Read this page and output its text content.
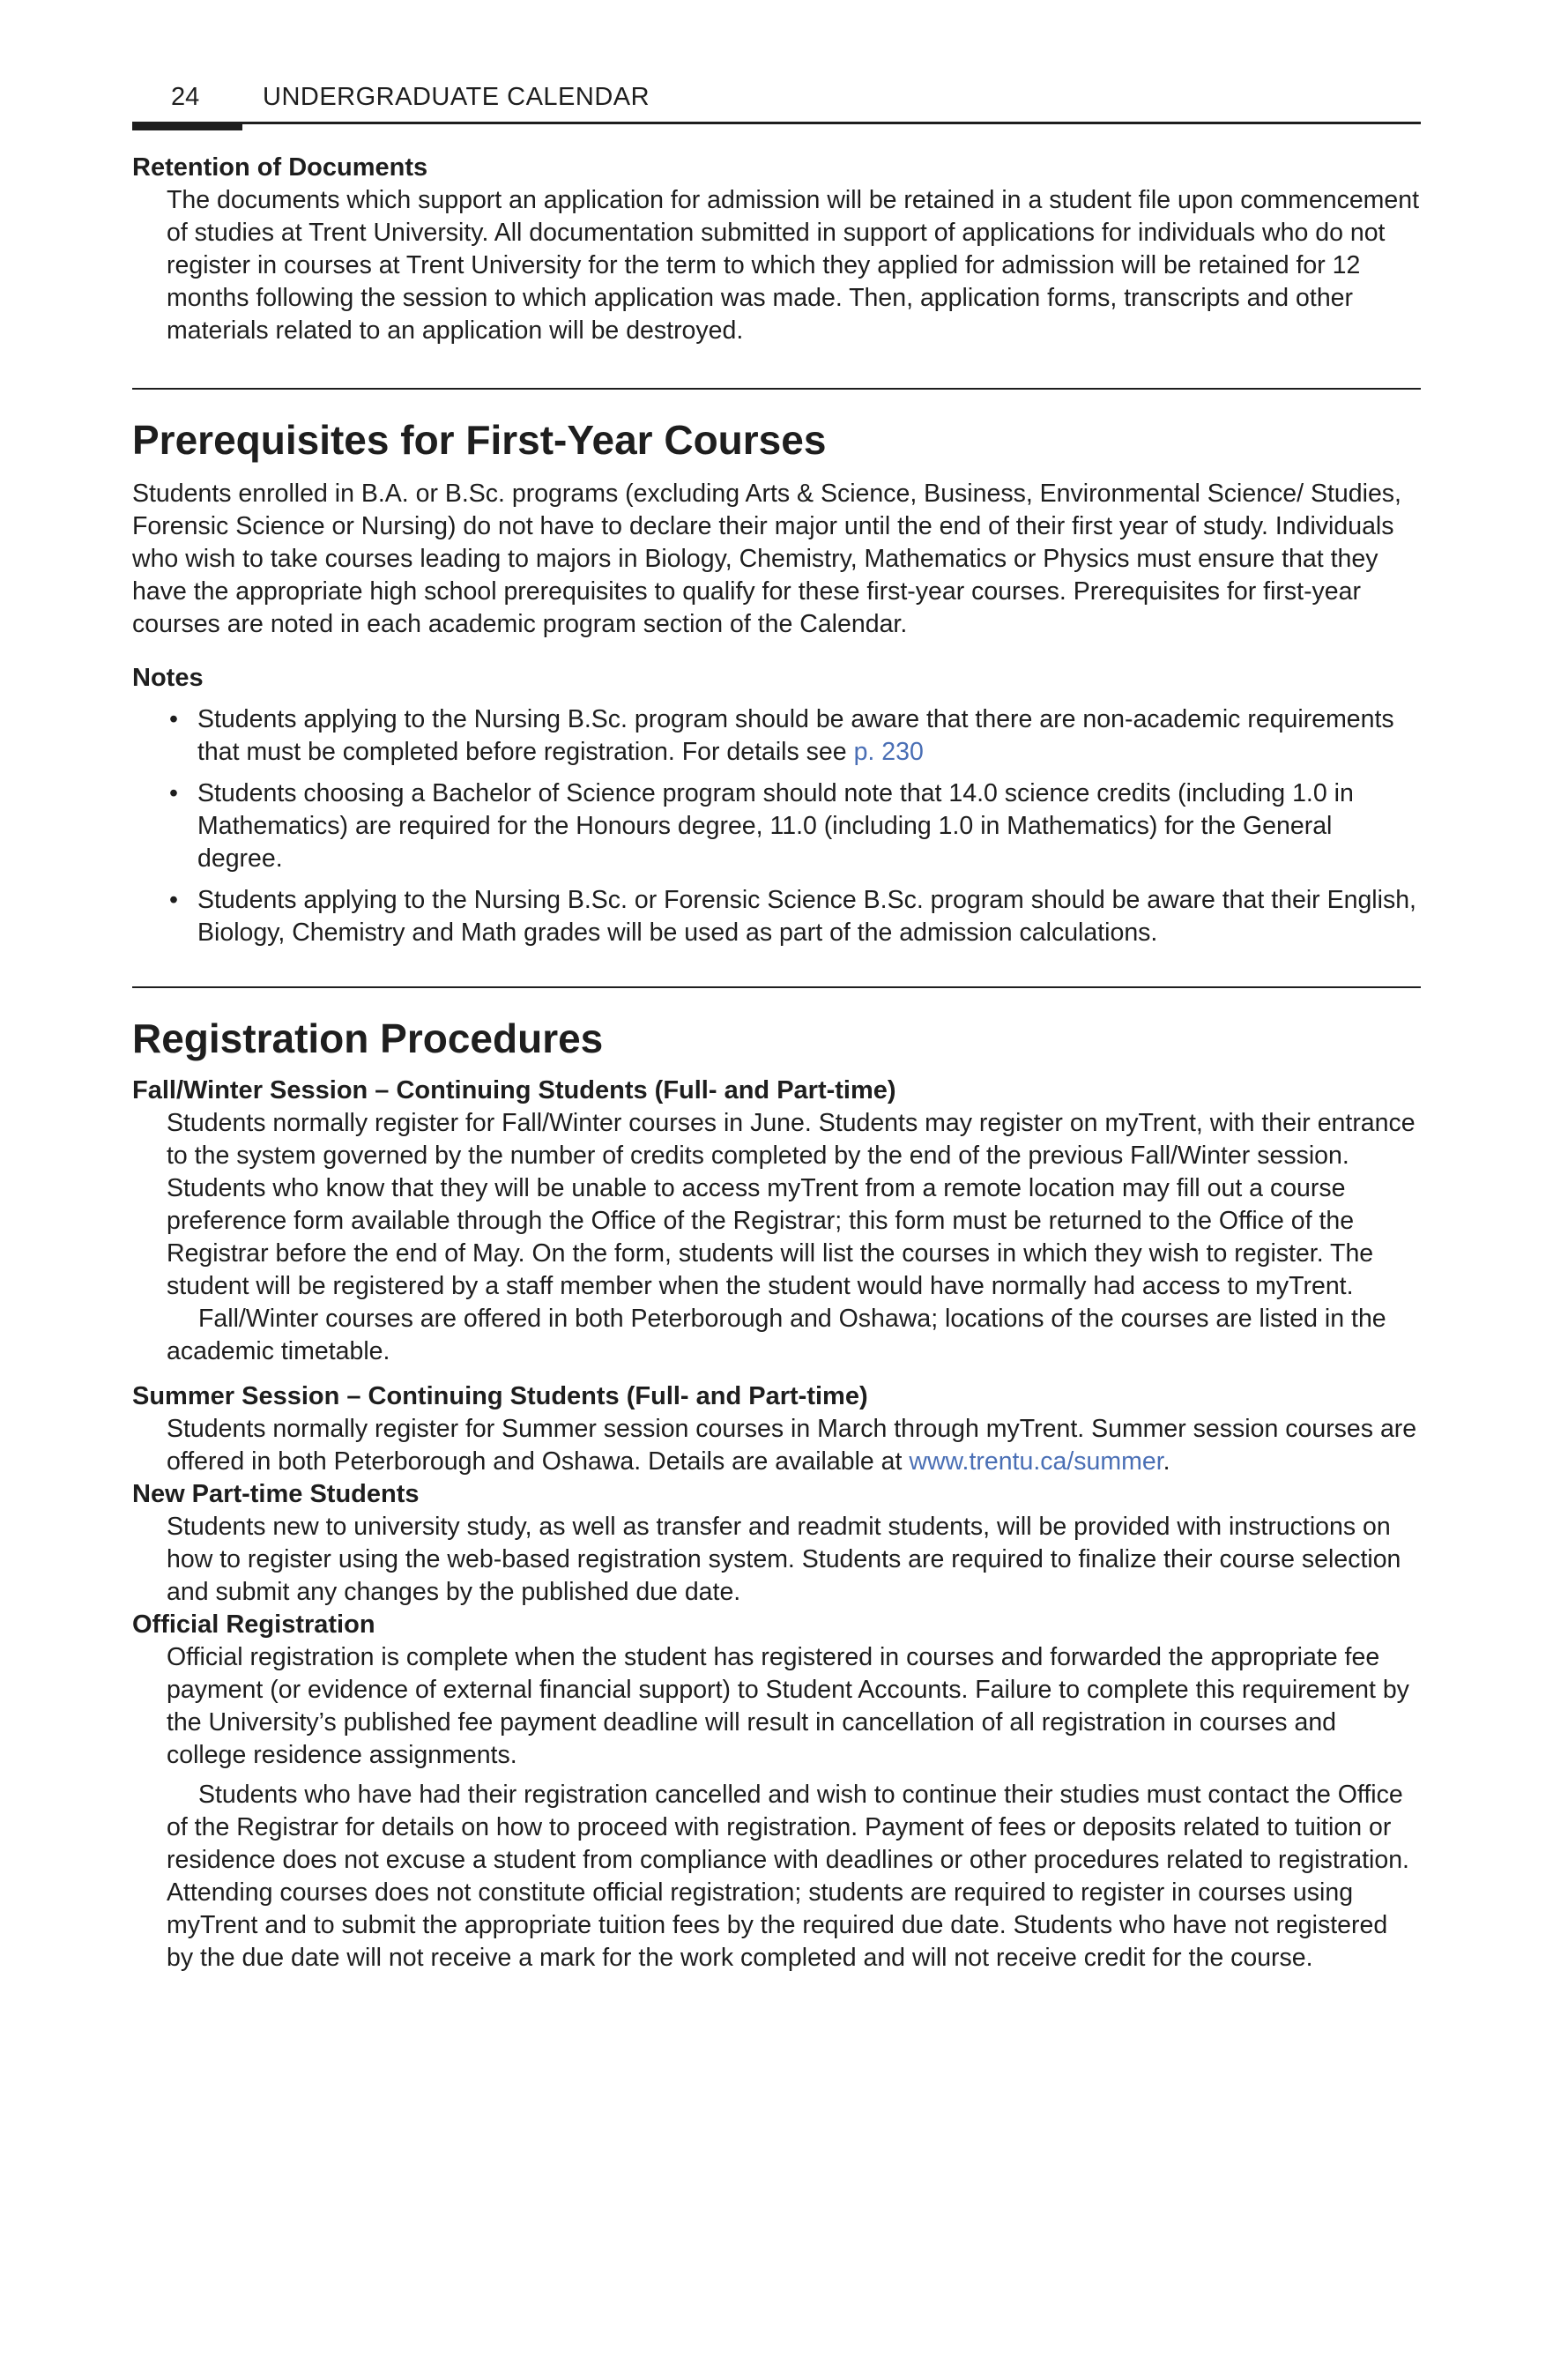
24 UNDERGRADUATE CALENDAR
Retention of Documents

The documents which support an application for admission will be retained in a student file upon commencement of studies at Trent University. All documentation submitted in support of applications for individuals who do not register in courses at Trent University for the term to which they applied for admission will be retained for 12 months following the session to which application was made. Then, application forms, transcripts and other materials related to an application will be destroyed.

Prerequisites for First-Year Courses

Students enrolled in B.A. or B.Sc. programs (excluding Arts & Science, Business, Environmental Science/ Studies, Forensic Science or Nursing) do not have to declare their major until the end of their first year of study. Individuals who wish to take courses leading to majors in Biology, Chemistry, Mathematics or Physics must ensure that they have the appropriate high school prerequisites to qualify for these first-year courses. Prerequisites for first-year courses are noted in each academic program section of the Calendar.

Notes
• Students applying to the Nursing B.Sc. program should be aware that there are non-academic requirements that must be completed before registration. For details see p. 230
• Students choosing a Bachelor of Science program should note that 14.0 science credits (including 1.0 in Mathematics) are required for the Honours degree, 11.0 (including 1.0 in Mathematics) for the General degree.
• Students applying to the Nursing B.Sc. or Forensic Science B.Sc. program should be aware that their English, Biology, Chemistry and Math grades will be used as part of the admission calculations.
Registration Procedures
Fall/Winter Session – Continuing Students (Full- and Part-time)

Students normally register for Fall/Winter courses in June. Students may register on myTrent, with their entrance to the system governed by the number of credits completed by the end of the previous Fall/Winter session. Students who know that they will be unable to access myTrent from a remote location may fill out a course preference form available through the Office of the Registrar; this form must be returned to the Office of the Registrar before the end of May. On the form, students will list the courses in which they wish to register. The student will be registered by a staff member when the student would have normally had access to myTrent.

Fall/Winter courses are offered in both Peterborough and Oshawa; locations of the courses are listed in the academic timetable.

Summer Session – Continuing Students (Full- and Part-time)

Students normally register for Summer session courses in March through myTrent. Summer session courses are offered in both Peterborough and Oshawa. Details are available at www.trentu.ca/summer.

New Part-time Students

Students new to university study, as well as transfer and readmit students, will be provided with instructions on how to register using the web-based registration system. Students are required to finalize their course selection and submit any changes by the published due date.

Official Registration

Official registration is complete when the student has registered in courses and forwarded the appropriate fee payment (or evidence of external financial support) to Student Accounts. Failure to complete this requirement by the University’s published fee payment deadline will result in cancellation of all registration in courses and college residence assignments.

Students who have had their registration cancelled and wish to continue their studies must contact the Office of the Registrar for details on how to proceed with registration. Payment of fees or deposits related to tuition or residence does not excuse a student from compliance with deadlines or other procedures related to registration. Attending courses does not constitute official registration; students are required to register in courses using myTrent and to submit the appropriate tuition fees by the required due date. Students who have not registered by the due date will not receive a mark for the work completed and will not receive credit for the course.
